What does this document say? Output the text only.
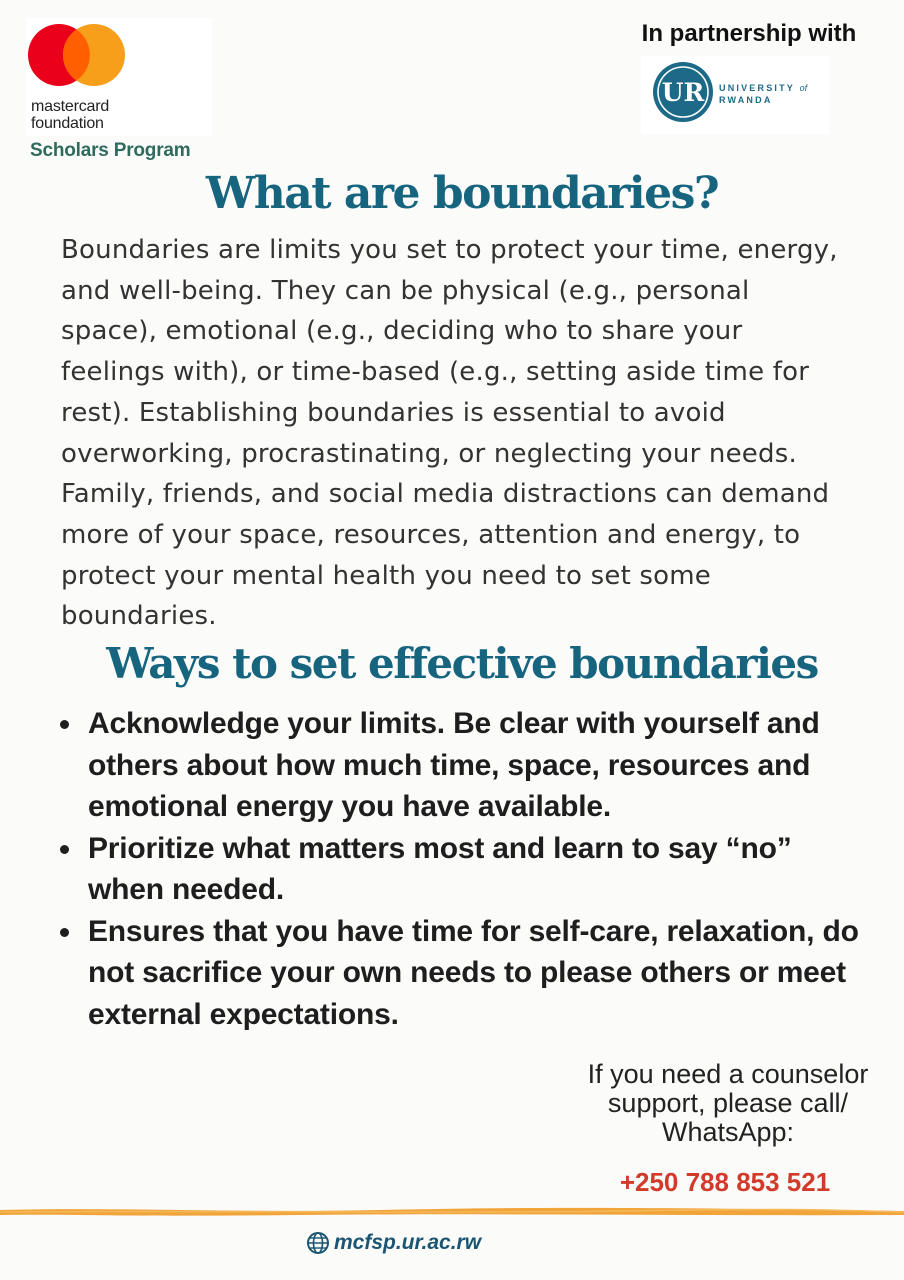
mastercard
foundation
Scholars Program
In partnership with
UR UNIVERSITY of
RWANDA
What are boundaries?

Boundaries are limits you set to protect your time, energy, and well-being. They can be physical (e.g., personal space), emotional (e.g., deciding who to share your feelings with), or time-based (e.g., setting aside time for rest). Establishing boundaries is essential to avoid overworking, procrastinating, or neglecting your needs. Family, friends, and social media distractions can demand more of your space, resources, attention and energy, to protect your mental health you need to set some boundaries.

Ways to set effective boundaries
Acknowledge your limits. Be clear with yourself and others about how much time, space, resources and emotional energy you have available.
Prioritize what matters most and learn to say “no” when needed.
Ensures that you have time for self-care, relaxation, do not sacrifice your own needs to please others or meet external expectations.
If you need a counselor
support, please call/
WhatsApp:
+250 788 853 521
mcfsp.ur.ac.rw
